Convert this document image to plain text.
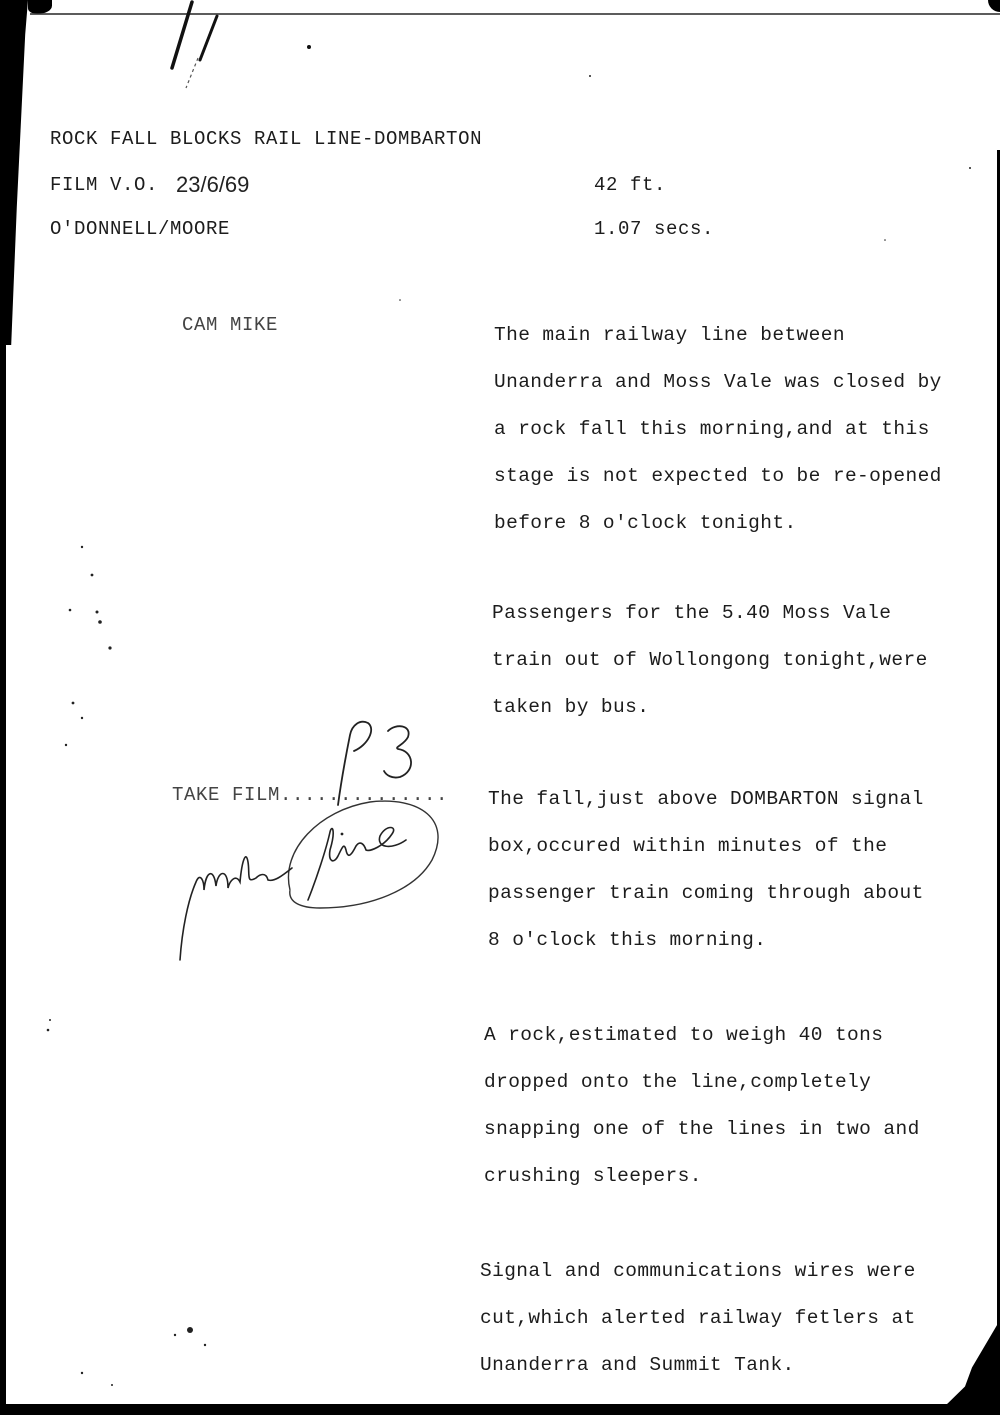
ROCK FALL BLOCKS RAIL LINE-DOMBARTON
FILM V.O. 23/6/69
O'DONNELL/MOORE
42 ft.
1.07 secs.
CAM MIKE
TAKE FILM..............
The main railway line between
Unanderra and Moss Vale was closed by
a rock fall this morning,and at this
stage is not expected to be re-opened
before 8 o'clock tonight.
Passengers for the 5.40 Moss Vale
train out of Wollongong tonight,were
taken by bus.
The fall,just above DOMBARTON signal
box,occured within minutes of the
passenger train coming through about
8 o'clock this morning.
A rock,estimated to weigh 40 tons
dropped onto the line,completely
snapping one of the lines in two and
crushing sleepers.
Signal and communications wires were
cut,which alerted railway fetlers at
Unanderra and Summit Tank.
